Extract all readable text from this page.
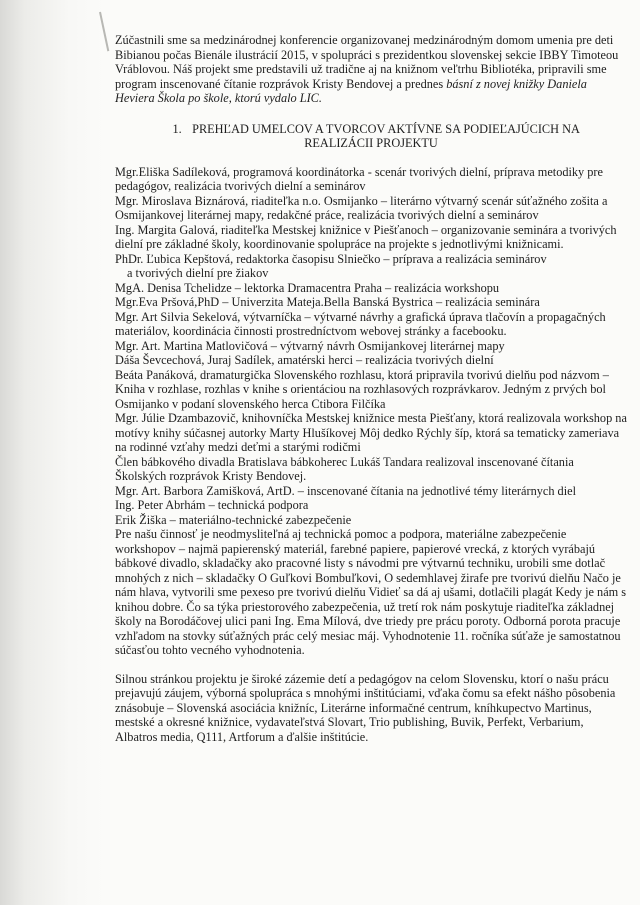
Zúčastnili sme sa medzinárodnej konferencie organizovanej medzinárodným domom umenia pre deti Bibianou počas Bienále ilustrácií 2015, v spolupráci s prezidentkou slovenskej sekcie IBBY Timoteou Vráblovou. Náš projekt sme predstavili už tradične aj na knižnom veľtrhu Bibliotéka, pripravili sme program inscenované čítanie rozprávok Kristy Bendovej a prednes básní z novej knižky Daniela Heviera Škola po škole, ktorú vydalo LIC.

1. PREHĽAD UMELCOV A TVORCOV AKTÍVNE SA PODIEĽAJÚCICH NA
REALIZÁCII PROJEKTU

Mgr.Eliška Sadíleková, programová koordinátorka - scenár tvorivých dielní, príprava metodiky pre pedagógov, realizácia tvorivých dielní a seminárov

Mgr. Miroslava Biznárová, riaditeľka n.o. Osmijanko – literárno výtvarný scenár súťažného zošita a Osmijankovej literárnej mapy, redakčné práce, realizácia tvorivých dielní a seminárov

Ing. Margita Galová, riaditeľka Mestskej knižnice v Piešťanoch – organizovanie seminára a tvorivých dielní pre základné školy, koordinovanie spolupráce na projekte s jednotlivými knižnicami.

PhDr. Ľubica Kepštová, redaktorka časopisu Slniečko – príprava a realizácia seminárov

a tvorivých dielní pre žiakov

MgA. Denisa Tchelidze – lektorka Dramacentra Praha – realizácia workshopu

Mgr.Eva Pršová,PhD – Univerzita Mateja.Bella Banská Bystrica – realizácia seminára

Mgr. Art Silvia Sekelová, výtvarníčka – výtvarné návrhy a grafická úprava tlačovín a propagačných materiálov, koordinácia činnosti prostredníctvom webovej stránky a facebooku.

Mgr. Art. Martina Matlovičová – výtvarný návrh Osmijankovej literárnej mapy

Dáša Ševcechová, Juraj Sadílek, amatérski herci – realizácia tvorivých dielní

Beáta Panáková, dramaturgička Slovenského rozhlasu, ktorá pripravila tvorivú dielňu pod názvom – Kniha v rozhlase, rozhlas v knihe s orientáciou na rozhlasových rozprávkarov. Jedným z prvých bol Osmijanko v podaní slovenského herca Ctibora Filčíka

Mgr. Júlie Dzambazovič, knihovníčka Mestskej knižnice mesta Piešťany, ktorá realizovala workshop na motívy knihy súčasnej autorky Marty Hlušíkovej Môj dedko Rýchly šíp, ktorá sa tematicky zameriava na rodinné vzťahy medzi deťmi a starými rodičmi

Člen bábkového divadla Bratislava bábkoherec Lukáš Tandara realizoval inscenované čítania Školských rozprávok Kristy Bendovej.

Mgr. Art. Barbora Zamišková, ArtD. – inscenované čítania na jednotlivé témy literárnych diel

Ing. Peter Abrhám – technická podpora

Erik Žiška – materiálno-technické zabezpečenie

Pre našu činnosť je neodmysliteľná aj technická pomoc a podpora, materiálne zabezpečenie workshopov – najmä papierenský materiál, farebné papiere, papierové vrecká, z ktorých vyrábajú bábkové divadlo, skladačky ako pracovné listy s návodmi pre výtvarnú techniku, urobili sme dotlač mnohých z nich – skladačky O Guľkovi Bombuľkovi, O sedemhlavej žirafe pre tvorivú dielňu Načo je nám hlava, vytvorili sme pexeso pre tvorivú dielňu Vidieť sa dá aj ušami, dotlačili plagát Kedy je nám s knihou dobre. Čo sa týka priestorového zabezpečenia, už tretí rok nám poskytuje riaditeľka základnej školy na Borodáčovej ulici pani Ing. Ema Mílová, dve triedy pre prácu poroty. Odborná porota pracuje vzhľadom na stovky súťažných prác celý mesiac máj. Vyhodnotenie 11. ročníka súťaže je samostatnou súčasťou tohto vecného vyhodnotenia.

Silnou stránkou projektu je široké zázemie detí a pedagógov na celom Slovensku, ktorí o našu prácu prejavujú záujem, výborná spolupráca s mnohými inštitúciami, vďaka čomu sa efekt nášho pôsobenia znásobuje – Slovenská asociácia knižníc, Literárne informačné centrum, kníhkupectvo Martinus, mestské a okresné knižnice, vydavateľstvá Slovart, Trio publishing, Buvik, Perfekt, Verbarium, Albatros media, Q111, Artforum a ďalšie inštitúcie.
